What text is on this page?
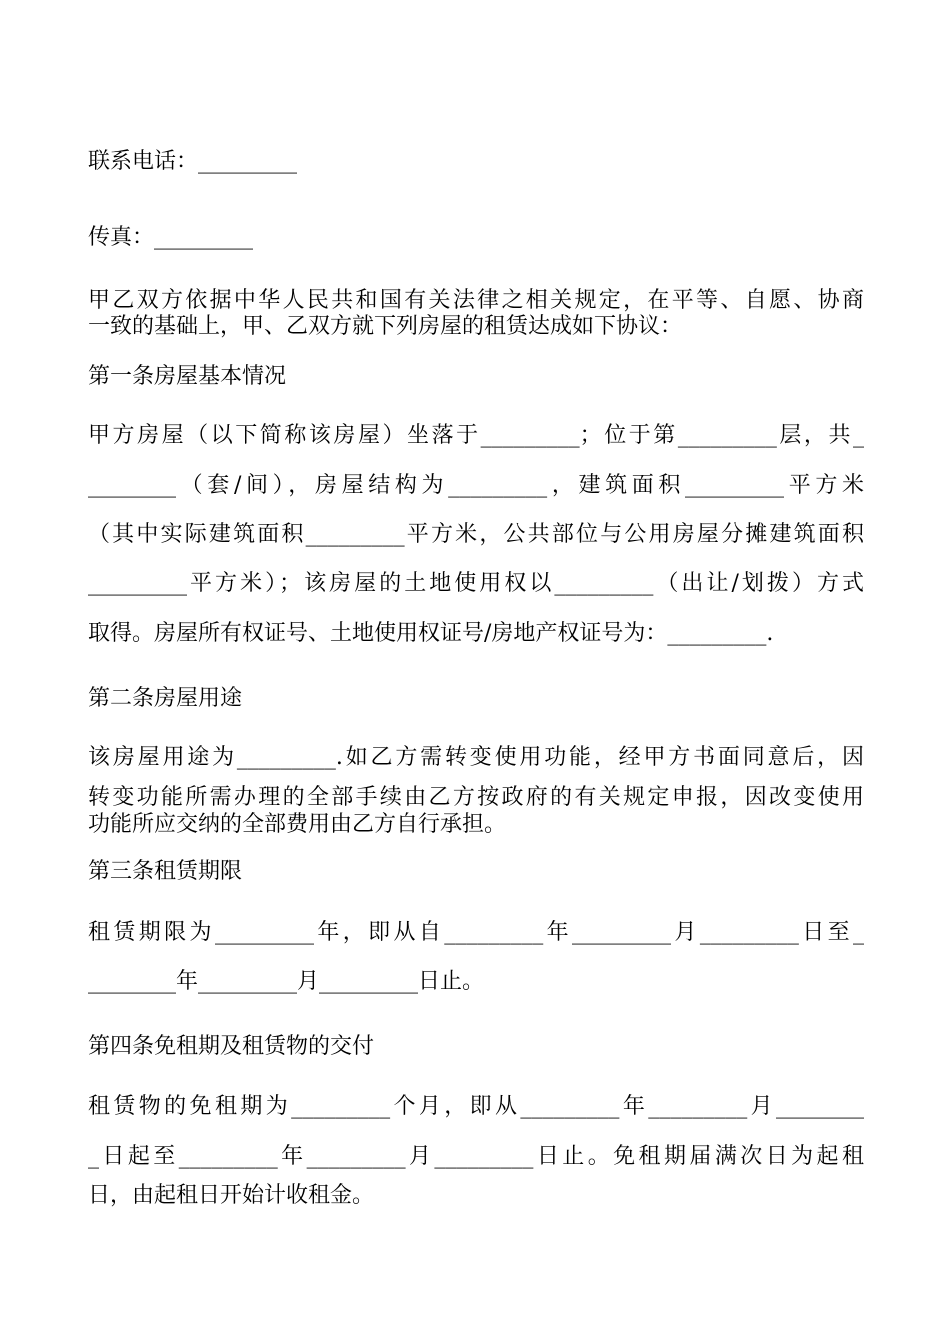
联系电话：_________
传真：_________
甲乙双方依据中华人民共和国有关法律之相关规定，在平等、自愿、协商
一致的基础上，甲、乙双方就下列房屋的租赁达成如下协议：
第一条房屋基本情况
甲方房屋（以下简称该房屋）坐落于_________；位于第_________层，共_
________（套/间），房屋结构为_________，建筑面积_________平方米
（其中实际建筑面积_________平方米，公共部位与公用房屋分摊建筑面积
_________平方米）；该房屋的土地使用权以_________（出让/划拨）方式
取得。房屋所有权证号、土地使用权证号/房地产权证号为：_________.
第二条房屋用途
该房屋用途为_________.如乙方需转变使用功能，经甲方书面同意后，因
转变功能所需办理的全部手续由乙方按政府的有关规定申报，因改变使用
功能所应交纳的全部费用由乙方自行承担。
第三条租赁期限
租赁期限为_________年，即从自_________年_________月_________日至_
________年_________月_________日止。
第四条免租期及租赁物的交付
租赁物的免租期为_________个月，即从_________年_________月________
_日起至_________年_________月_________日止。免租期届满次日为起租
日，由起租日开始计收租金。
